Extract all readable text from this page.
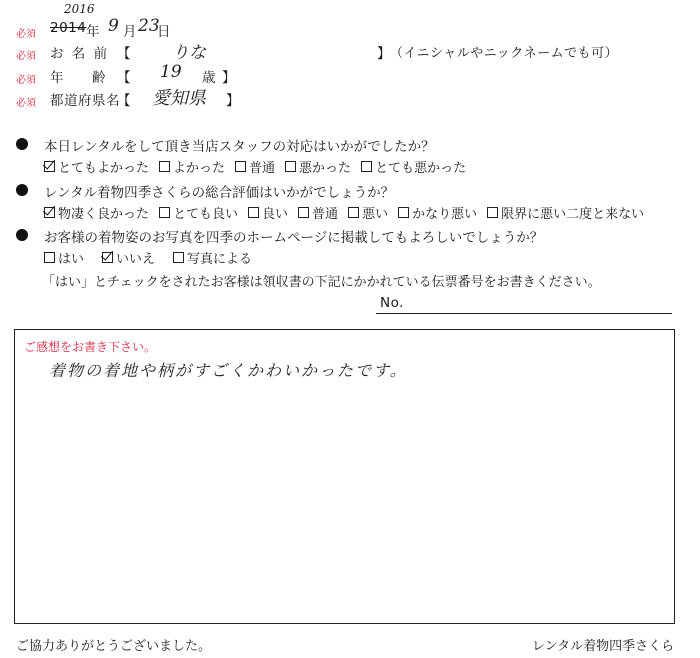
必須
2016
2014 年 9 月 23
日
必須 お 名 前 【 りな	】 （イニシャルやニックネームでも可）
必須 年　　齢 【 19 歳 】
必須 都道府県名
【 愛知県 】
本日レンタルをして頂き当店スタッフの対応はいかがでしたか？
とてもよかった よかった 普通 悪かった とても悪かった
レンタル着物四季さくらの総合評価はいかがでしょうか？
物凄く良かった とても良い 良い 普通 悪い かなり悪い 限界に悪い二度と来ない
お客様の着物姿のお写真を四季のホームページに掲載してもよろしいでしょうか？
はい いいえ 写真による
「はい」とチェックをされたお客様は領収書の下記にかかれている伝票番号をお書きください。
No.
ご感想をお書き下さい。
着物の着地や柄がすごくかわいかったです。
ご協力ありがとうございました。	レンタル着物四季さくら
